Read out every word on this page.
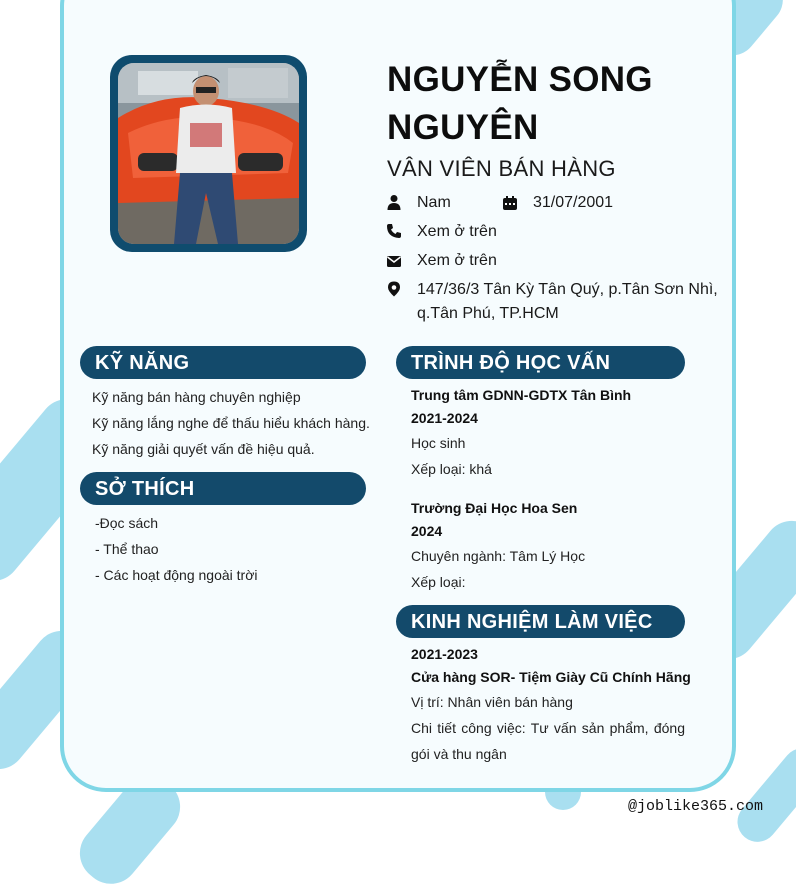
NGUYỄN SONG
NGUYÊN
VÂN VIÊN BÁN HÀNG
Nam	31/07/2001
Xem ở trên
Xem ở trên
147/36/3 Tân Kỳ Tân Quý, p.Tân Sơn Nhì,
q.Tân Phú, TP.HCM
KỸ NĂNG
Kỹ năng bán hàng chuyên nghiệp
Kỹ năng lắng nghe để thấu hiểu khách hàng.
Kỹ năng giải quyết vấn đề hiệu quả.
SỞ THÍCH
-Đọc sách
- Thể thao
- Các hoạt động ngoài trời
TRÌNH ĐỘ HỌC VẤN
Trung tâm GDNN-GDTX Tân Bình
2021-2024
Học sinh
Xếp loại: khá
Trường Đại Học Hoa Sen
2024
Chuyên ngành: Tâm Lý Học
Xếp loại:
KINH NGHIỆM LÀM VIỆC
2021-2023
Cửa hàng SOR- Tiệm Giày Cũ Chính Hãng
Vị trí: Nhân viên bán hàng
Chi tiết công việc: Tư vấn sản phẩm, đóng gói và thu ngân
@joblike365.com
